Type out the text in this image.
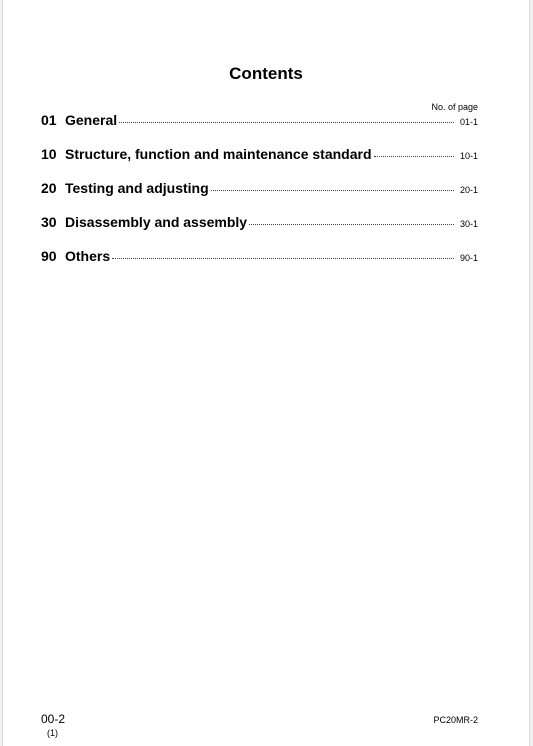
Contents
No. of page
01 General	01-1
10 Structure, function and maintenance standard	10-1
20 Testing and adjusting	20-1
30 Disassembly and assembly	30-1
90 Others	90-1
00-2
(1)
PC20MR-2
